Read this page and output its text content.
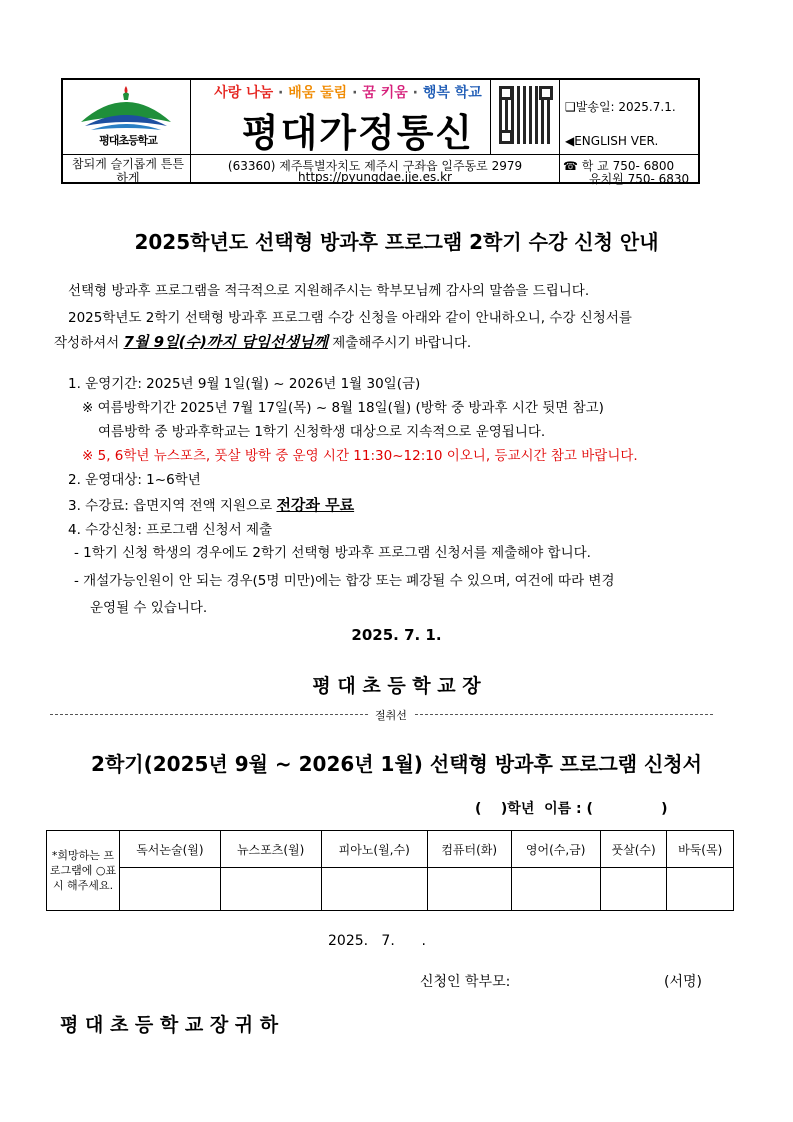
평대초등학교
사랑 나눔 · 배움 둘림 · 꿈 키움 · 행복 학교
평대가정통신
❑발송일: 2025.7.1.
◀ENGLISH VER.
참되게 슬기롭게 튼튼하게
(63360) 제주특별자치도 제주시 구좌읍 일주동로 2979
https://pyungdae.jje.es.kr
☎ 학 교 750- 6800
유치원 750- 6830
2025학년도 선택형 방과후 프로그램 2학기 수강 신청 안내
선택형 방과후 프로그램을 적극적으로 지원해주시는 학부모님께 감사의 말씀을 드립니다.
2025학년도 2학기 선택형 방과후 프로그램 수강 신청을 아래와 같이 안내하오니, 수강 신청서를
작성하셔서 7월 9일(수)까지 담임선생님께 제출해주시기 바랍니다.
1. 운영기간: 2025년 9월 1일(월) ~ 2026년 1월 30일(금)
※ 여름방학기간 2025년 7월 17일(목) ~ 8월 18일(월) (방학 중 방과후 시간 뒷면 참고)
여름방학 중 방과후학교는 1학기 신청학생 대상으로 지속적으로 운영됩니다.
※ 5, 6학년 뉴스포츠, 풋살 방학 중 운영 시간 11:30~12:10 이오니, 등교시간 참고 바랍니다.
2. 운영대상: 1~6학년
3. 수강료: 읍면지역 전액 지원으로 전강좌 무료
4. 수강신청: 프로그램 신청서 제출
- 1학기 신청 학생의 경우에도 2학기 선택형 방과후 프로그램 신청서를 제출해야 합니다.
- 개설가능인원이 안 되는 경우(5명 미만)에는 합강 또는 폐강될 수 있으며, 여건에 따라 변경
운영될 수 있습니다.
2025. 7. 1.
평 대 초 등 학 교 장
절취선
2학기(2025년 9월 ~ 2026년 1월) 선택형 방과후 프로그램 신청서
(    )학년  이름 : (              )
*희망하는 프로그램에 ○표시 해주세요.	독서논술(월)	뉴스포츠(월)	피아노(월,수)	컴퓨터(화)	영어(수,금)	풋살(수)	바둑(목)

2025.   7.      .
신청인 학부모:	(서명)
평 대 초 등 학 교 장 귀 하
